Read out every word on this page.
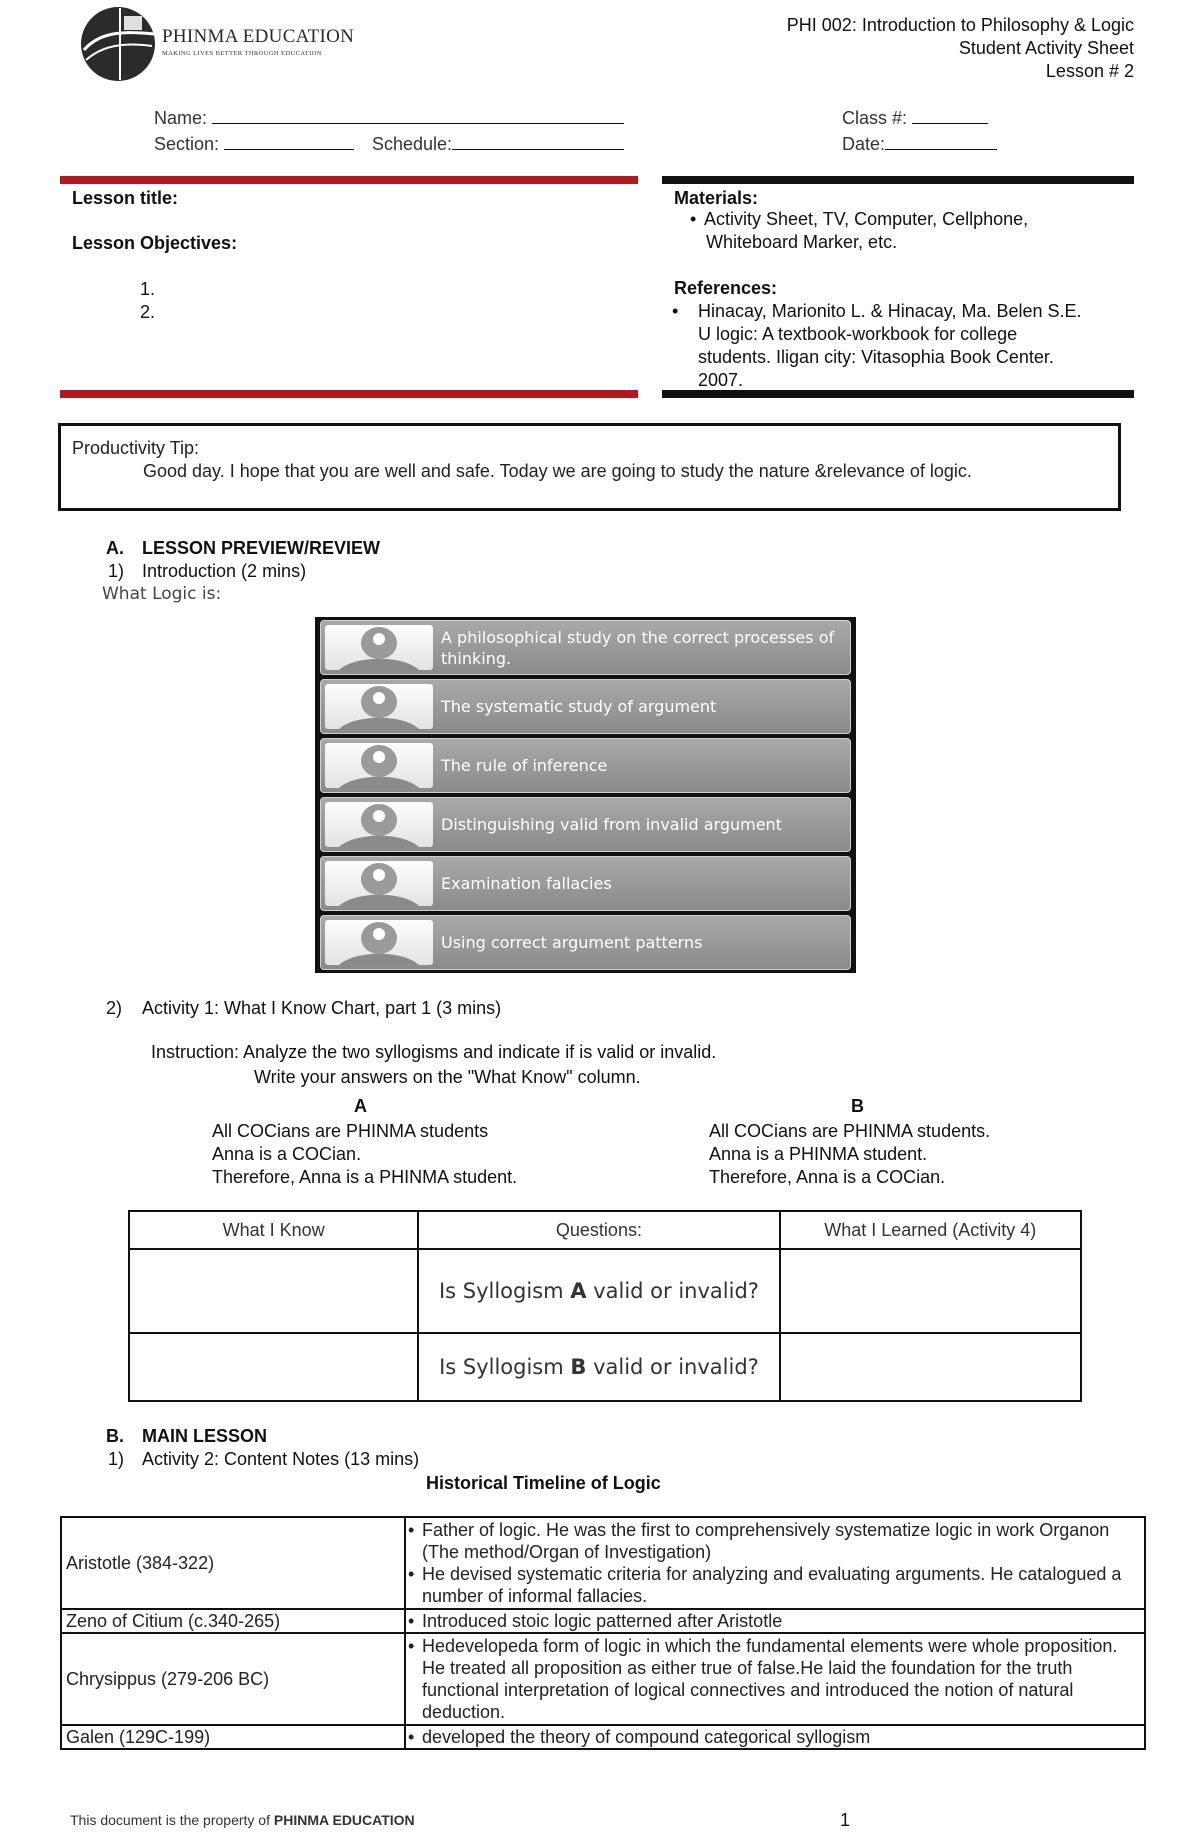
PHINMA EDUCATION
MAKING LIVES BETTER THROUGH EDUCATION
PHI 002: Introduction to Philosophy & Logic
Student Activity Sheet
Lesson # 2
Name:
Section:	Schedule:
Class #:
Date:
Lesson title:
Lesson Objectives:
1.
2.
Materials:
• Activity Sheet, TV, Computer, Cellphone,
Whiteboard Marker, etc.
References:
• Hinacay, Marionito L. & Hinacay, Ma. Belen S.E.
U logic: A textbook-workbook for college
students. Iligan city: Vitasophia Book Center.
2007.
Productivity Tip:
Good day. I hope that you are well and safe. Today we are going to study the nature &relevance of logic.
A. LESSON PREVIEW/REVIEW
1) Introduction (2 mins)
What Logic is:
A philosophical study on the correct processes of thinking.
The systematic study of argument
The rule of inference
Distinguishing valid from invalid argument
Examination fallacies
Using correct argument patterns
2) Activity 1: What I Know Chart, part 1 (3 mins)
Instruction: Analyze the two syllogisms and indicate if is valid or invalid.
Write your answers on the "What Know" column.
A
All COCians are PHINMA students
Anna is a COCian.
Therefore, Anna is a PHINMA student.
B
All COCians are PHINMA students.
Anna is a PHINMA student.
Therefore, Anna is a COCian.
What I Know	Questions:	What I Learned (Activity 4)
	Is Syllogism A valid or invalid?	
	Is Syllogism B valid or invalid?	
B. MAIN LESSON
1) Activity 2: Content Notes (13 mins)
Historical Timeline of Logic
Aristotle (384-322)	• Father of logic. He was the first to comprehensively systematize logic in work Organon (The method/Organ of Investigation)
• He devised systematic criteria for analyzing and evaluating arguments. He catalogued a number of informal fallacies.

Zeno of Citium (c.340-265)	• Introduced stoic logic patterned after Aristotle

Chrysippus (279-206 BC)	• Hedevelopeda form of logic in which the fundamental elements were whole proposition. He treated all proposition as either true of false.He laid the foundation for the truth functional interpretation of logical connectives and introduced the notion of natural deduction.

Galen (129C-199)	• developed the theory of compound categorical syllogism
This document is the property of PHINMA EDUCATION	1
